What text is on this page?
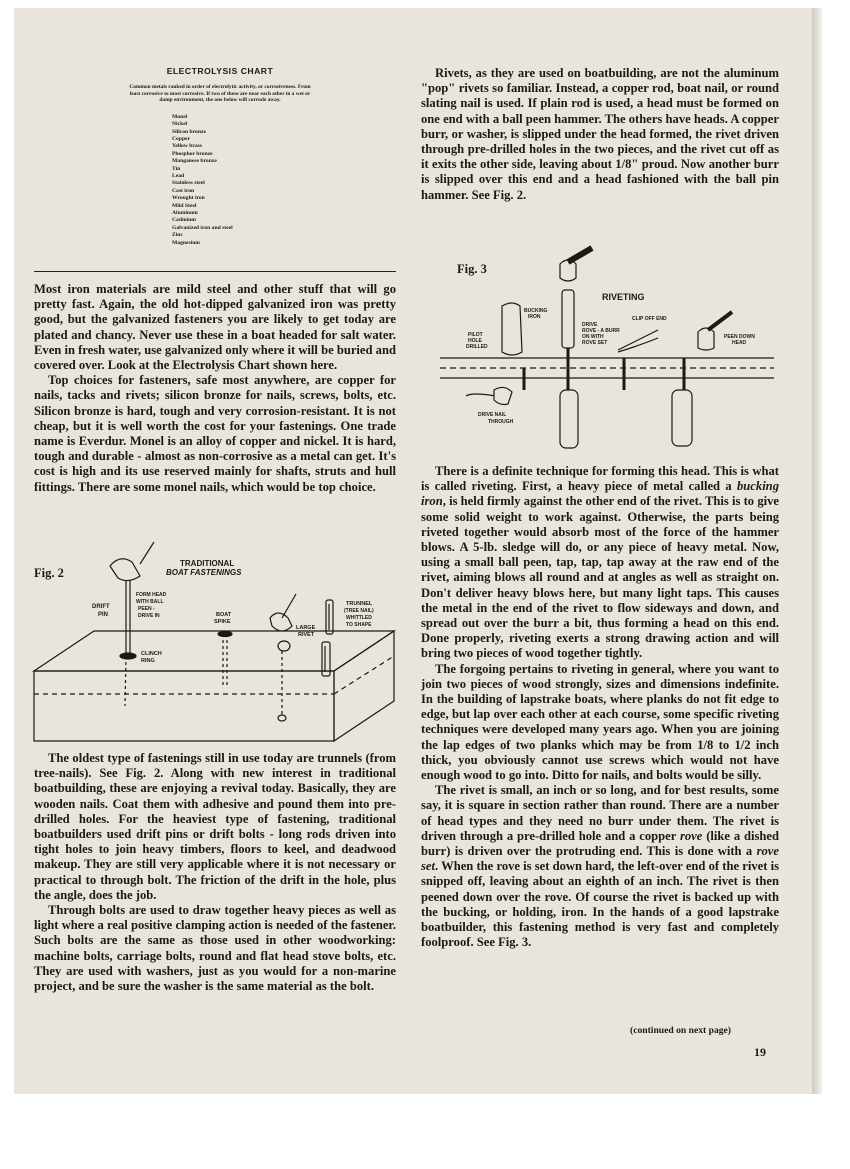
ELECTROLYSIS CHART
Common metals ranked in order of electrolytic activity, or corrosiveness. From least corrosive to most corrosive. If two of these are near each other in a wet or damp environment, the one below will corrode away.
Monel
Nickel
Silicon bronze
Copper
Yellow brass
Phosphor bronze
Manganese bronze
Tin
Lead
Stainless steel
Cast iron
Wrought iron
Mild Steel
Aluminum
Cadmium
Galvanized iron and steel
Zinc
Magnesium

Most iron materials are mild steel and other stuff that will go pretty fast. Again, the old hot-dipped galvanized iron was pretty good, but the galvanized fasteners you are likely to get today are plated and chancy. Never use these in a boat headed for salt water. Even in fresh water, use galvanized only where it will be buried and covered over. Look at the Electrolysis Chart shown here.

Top choices for fasteners, safe most anywhere, are copper for nails, tacks and rivets; silicon bronze for nails, screws, bolts, etc. Silicon bronze is hard, tough and very corrosion-resistant. It is not cheap, but it is well worth the cost for your fastenings. One trade name is Everdur. Monel is an alloy of copper and nickel. It is hard, tough and durable - almost as non-corrosive as a metal can get. It's cost is high and its use reserved mainly for shafts, struts and hull fittings. There are some monel nails, which would be top choice.

Fig. 2
TRADITIONAL
BOAT FASTENINGS
DRIFT
PIN
FORM HEAD
WITH BALL
PEEN -
DRIVE IN
CLINCH
RING
BOAT
SPIKE
LARGE
RIVET
TRUNNEL
(TREE NAIL)
WHITTLED
TO SHAPE

The oldest type of fastenings still in use today are trunnels (from tree-nails). See Fig. 2. Along with new interest in traditional boatbuilding, these are enjoying a revival today. Basically, they are wooden nails. Coat them with adhesive and pound them into pre-drilled holes. For the heaviest type of fastening, traditional boatbuilders used drift pins or drift bolts - long rods driven into tight holes to join heavy timbers, floors to keel, and deadwood makeup. They are still very applicable where it is not necessary or practical to through bolt. The friction of the drift in the hole, plus the angle, does the job.

Through bolts are used to draw together heavy pieces as well as light where a real positive clamping action is needed of the fastener. Such bolts are the same as those used in other woodworking: machine bolts, carriage bolts, round and flat head stove bolts, etc. They are used with washers, just as you would for a non-marine project, and be sure the washer is the same material as the bolt.

Rivets, as they are used on boatbuilding, are not the aluminum "pop" rivets so familiar. Instead, a copper rod, boat nail, or round slating nail is used. If plain rod is used, a head must be formed on one end with a ball peen hammer. The others have heads. A copper burr, or washer, is slipped under the head formed, the rivet driven through pre-drilled holes in the two pieces, and the rivet cut off as it exits the other side, leaving about 1/8" proud. Now another burr is slipped over this end and a head fashioned with the ball pin hammer. See Fig. 2.

Fig. 3
RIVETING
BUCKING
IRON
PILOT
HOLE
DRILLED
DRIVE NAIL
THROUGH
DRIVE
ROVE - A BURR
ON WITH
ROVE SET
CLIP OFF END
PEEN DOWN
HEAD

There is a definite technique for forming this head. This is what is called riveting. First, a heavy piece of metal called a bucking iron, is held firmly against the other end of the rivet. This is to give some solid weight to work against. Otherwise, the parts being riveted together would absorb most of the force of the hammer blows. A 5-lb. sledge will do, or any piece of heavy metal. Now, using a small ball peen, tap, tap, tap away at the raw end of the rivet, aiming blows all round and at angles as well as straight on. Don't deliver heavy blows here, but many light taps. This causes the metal in the end of the rivet to flow sideways and down, and spread out over the burr a bit, thus forming a head on this end. Done properly, riveting exerts a strong drawing action and will bring two pieces of wood together tightly.

The forgoing pertains to riveting in general, where you want to join two pieces of wood strongly, sizes and dimensions indefinite. In the building of lapstrake boats, where planks do not fit edge to edge, but lap over each other at each course, some specific riveting techniques were developed many years ago. When you are joining the lap edges of two planks which may be from 1/8 to 1/2 inch thick, you obviously cannot use screws which would not have enough wood to go into. Ditto for nails, and bolts would be silly.

The rivet is small, an inch or so long, and for best results, some say, it is square in section rather than round. There are a number of head types and they need no burr under them. The rivet is driven through a pre-drilled hole and a copper rove (like a dished burr) is driven over the protruding end. This is done with a rove set. When the rove is set down hard, the left-over end of the rivet is snipped off, leaving about an eighth of an inch. The rivet is then peened down over the rove. Of course the rivet is backed up with the bucking, or holding, iron. In the hands of a good lapstrake boatbuilder, this fastening method is very fast and completely foolproof. See Fig. 3.

(continued on next page)
19
